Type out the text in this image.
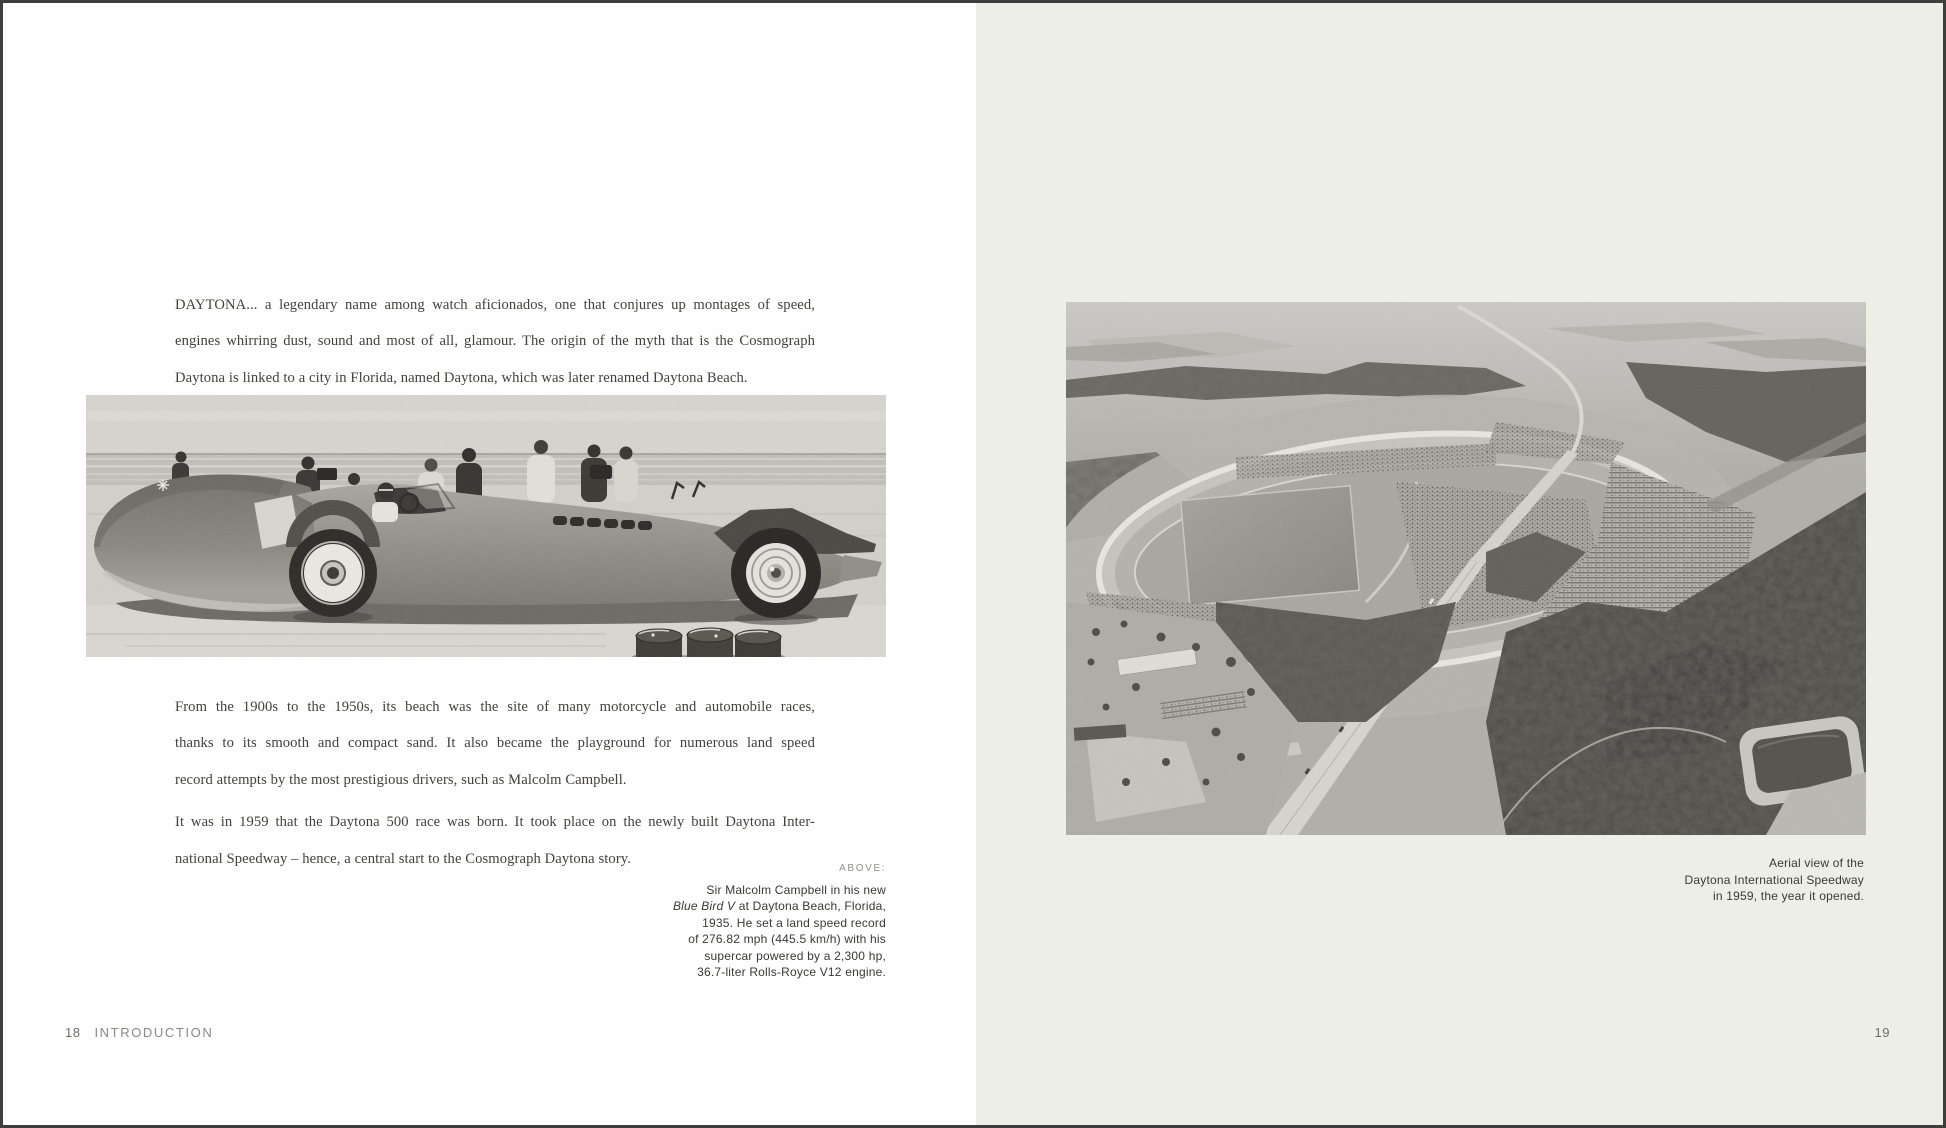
DAYTONA... a legendary name among watch aficionados, one that conjures up montages of speed,
engines whirring dust, sound and most of all, glamour. The origin of the myth that is the Cosmograph
Daytona is linked to a city in Florida, named Daytona, which was later renamed Daytona Beach.
From the 1900s to the 1950s, its beach was the site of many motorcycle and automobile races,
thanks to its smooth and compact sand. It also became the playground for numerous land speed
record attempts by the most prestigious drivers, such as Malcolm Campbell.
It was in 1959 that the Daytona 500 race was born. It took place on the newly built Daytona Inter-
national Speedway – hence, a central start to the Cosmograph Daytona story.
ABOVE:
Sir Malcolm Campbell in his new
Blue Bird V at Daytona Beach, Florida,
1935. He set a land speed record
of 276.82 mph (445.5 km/h) with his
supercar powered by a 2,300 hp,
36.7-liter Rolls-Royce V12 engine.
18 INTRODUCTION
Aerial view of the
Daytona International Speedway
in 1959, the year it opened.
19
